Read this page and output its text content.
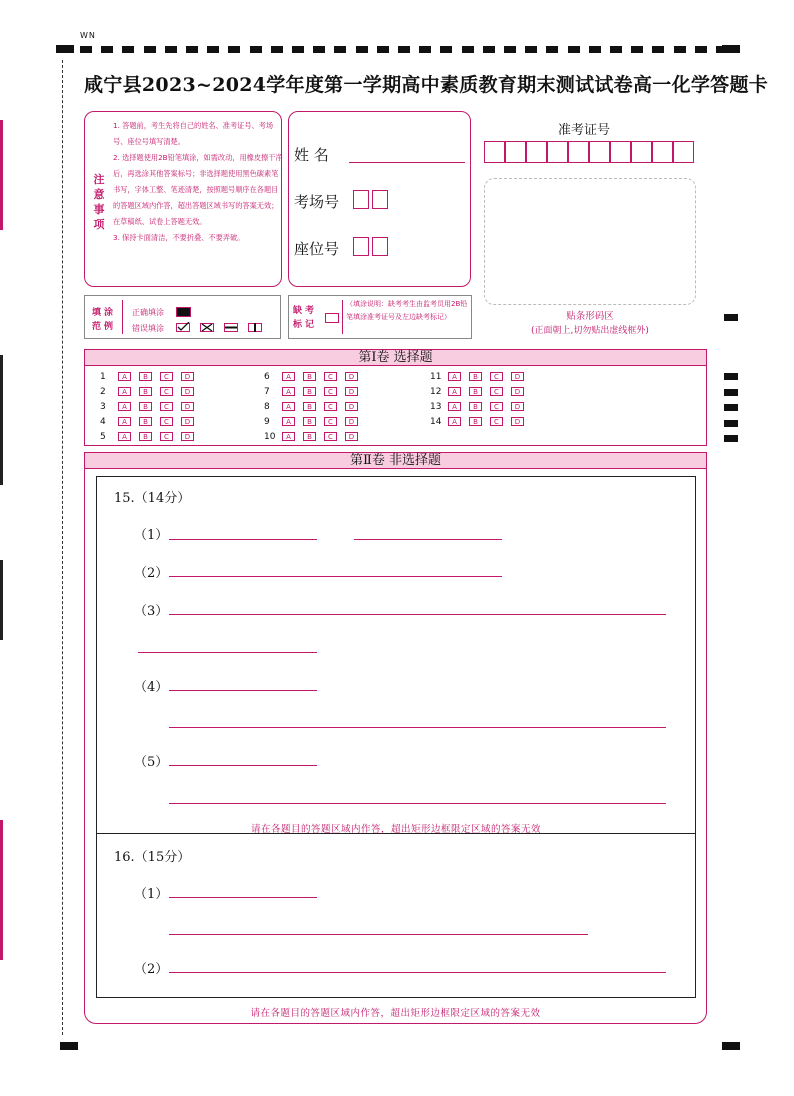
WN
咸宁县2023~2024学年度第一学期高中素质教育期末测试试卷高一化学答题卡
注意事项
1. 答题前，考生先将自己的姓名、准考证号、考场号、座位号填写清楚。
2. 选择题使用2B铅笔填涂，如需改动，用橡皮擦干净后，再选涂其他答案标号；非选择题使用黑色碳素笔书写，字体工整、笔迹清楚，按照题号顺序在各题目的答题区域内作答，超出答题区域书写的答案无效；在草稿纸、试卷上答题无效。
3. 保持卡面清洁，不要折叠、不要弄破。
姓 名
考场号
座位号
准考证号
贴条形码区
(正面朝上,切勿贴出虚线框外)
填涂范例
正确填涂
错误填涂
缺考标记
（填涂说明：缺考考生由监考员用2B铅笔填涂准考证号及左边缺考标记）
第Ⅰ卷 选择题
1	A	B	C	D
2	A	B	C	D
3	A	B	C	D
4	A	B	C	D
5	A	B	C	D
6	A	B	C	D
7	A	B	C	D
8	A	B	C	D
9	A	B	C	D
10	A	B	C	D
11	A	B	C	D
12	A	B	C	D
13	A	B	C	D
14	A	B	C	D
第Ⅱ卷 非选择题
15.（14分）
（1）
（2）
（3）
（4）
（5）
请在各题目的答题区域内作答，超出矩形边框限定区域的答案无效
16.（15分）
（1）
（2）
请在各题目的答题区域内作答，超出矩形边框限定区域的答案无效
